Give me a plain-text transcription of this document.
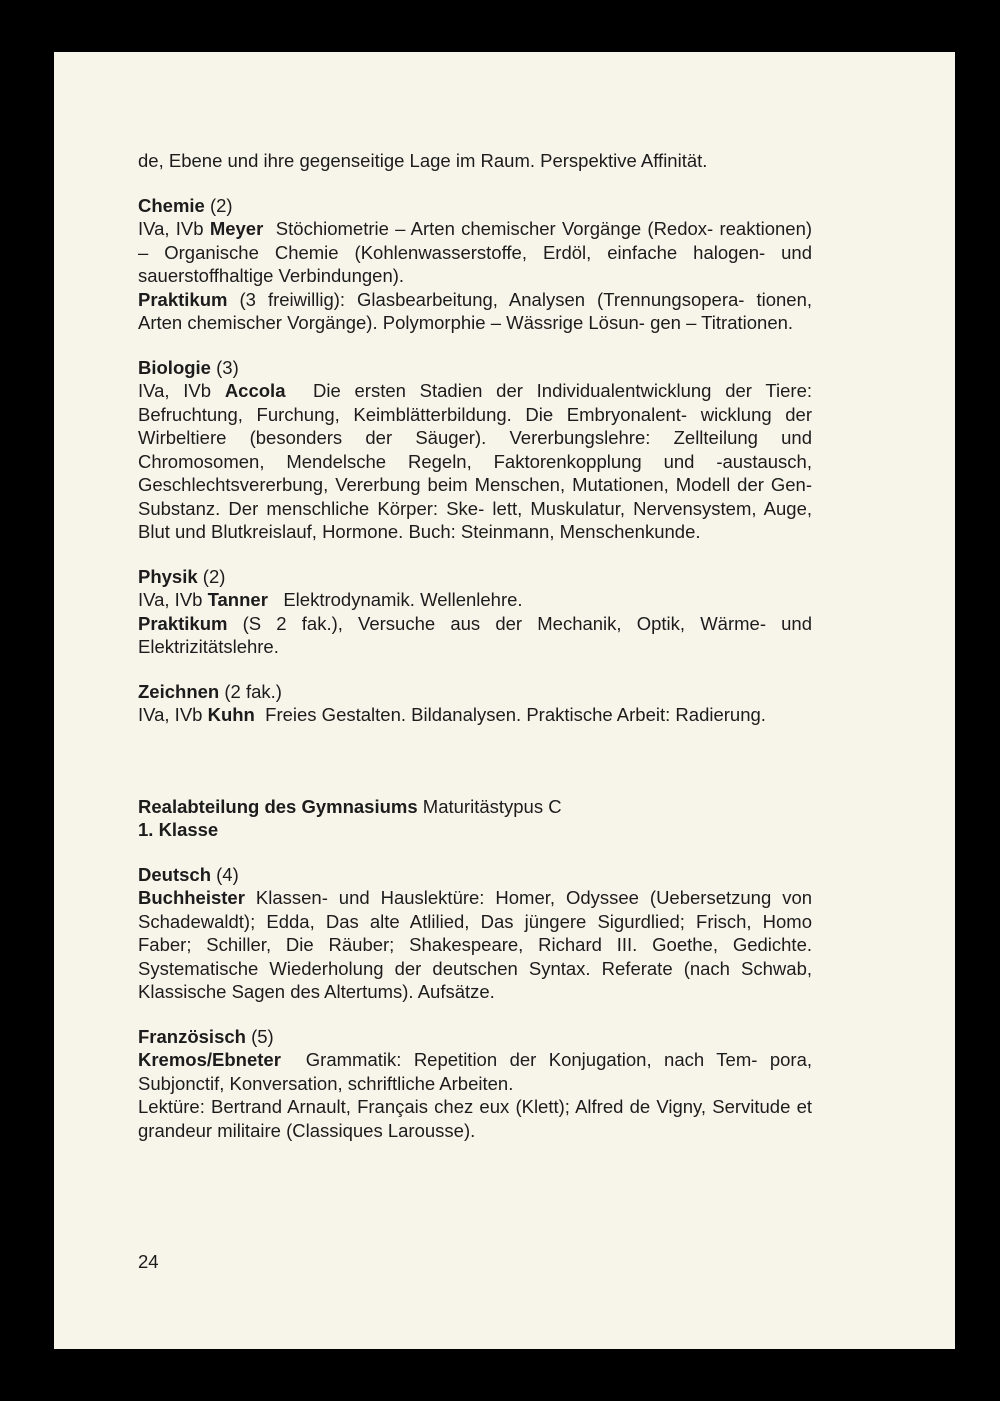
de, Ebene und ihre gegenseitige Lage im Raum. Perspektive Affinität.

Chemie (2)

IVa, IVb Meyer Stöchiometrie – Arten chemischer Vorgänge (Redox- reaktionen) – Organische Chemie (Kohlenwasserstoffe, Erdöl, einfache halogen- und sauerstoffhaltige Verbindungen).

Praktikum (3 freiwillig): Glasbearbeitung, Analysen (Trennungsopera- tionen, Arten chemischer Vorgänge). Polymorphie – Wässrige Lösun- gen – Titrationen.

Biologie (3)

IVa, IVb Accola Die ersten Stadien der Individualentwicklung der Tiere: Befruchtung, Furchung, Keimblätterbildung. Die Embryonalent- wicklung der Wirbeltiere (besonders der Säuger). Vererbungslehre: Zellteilung und Chromosomen, Mendelsche Regeln, Faktorenkopplung und -austausch, Geschlechtsvererbung, Vererbung beim Menschen, Mutationen, Modell der Gen-Substanz. Der menschliche Körper: Ske- lett, Muskulatur, Nervensystem, Auge, Blut und Blutkreislauf, Hormone. Buch: Steinmann, Menschenkunde.

Physik (2)

IVa, IVb Tanner Elektrodynamik. Wellenlehre.

Praktikum (S 2 fak.), Versuche aus der Mechanik, Optik, Wärme- und Elektrizitätslehre.

Zeichnen (2 fak.)

IVa, IVb Kuhn Freies Gestalten. Bildanalysen. Praktische Arbeit: Radierung.

Realabteilung des Gymnasiums Maturitästypus C

1. Klasse

Deutsch (4)

Buchheister Klassen- und Hauslektüre: Homer, Odyssee (Uebersetzung von Schadewaldt); Edda, Das alte Atlilied, Das jüngere Sigurdlied; Frisch, Homo Faber; Schiller, Die Räuber; Shakespeare, Richard III. Goethe, Gedichte. Systematische Wiederholung der deutschen Syntax. Referate (nach Schwab, Klassische Sagen des Altertums). Aufsätze.

Französisch (5)

Kremos/Ebneter Grammatik: Repetition der Konjugation, nach Tem- pora, Subjonctif, Konversation, schriftliche Arbeiten.

Lektüre: Bertrand Arnault, Français chez eux (Klett); Alfred de Vigny, Servitude et grandeur militaire (Classiques Larousse).

24
